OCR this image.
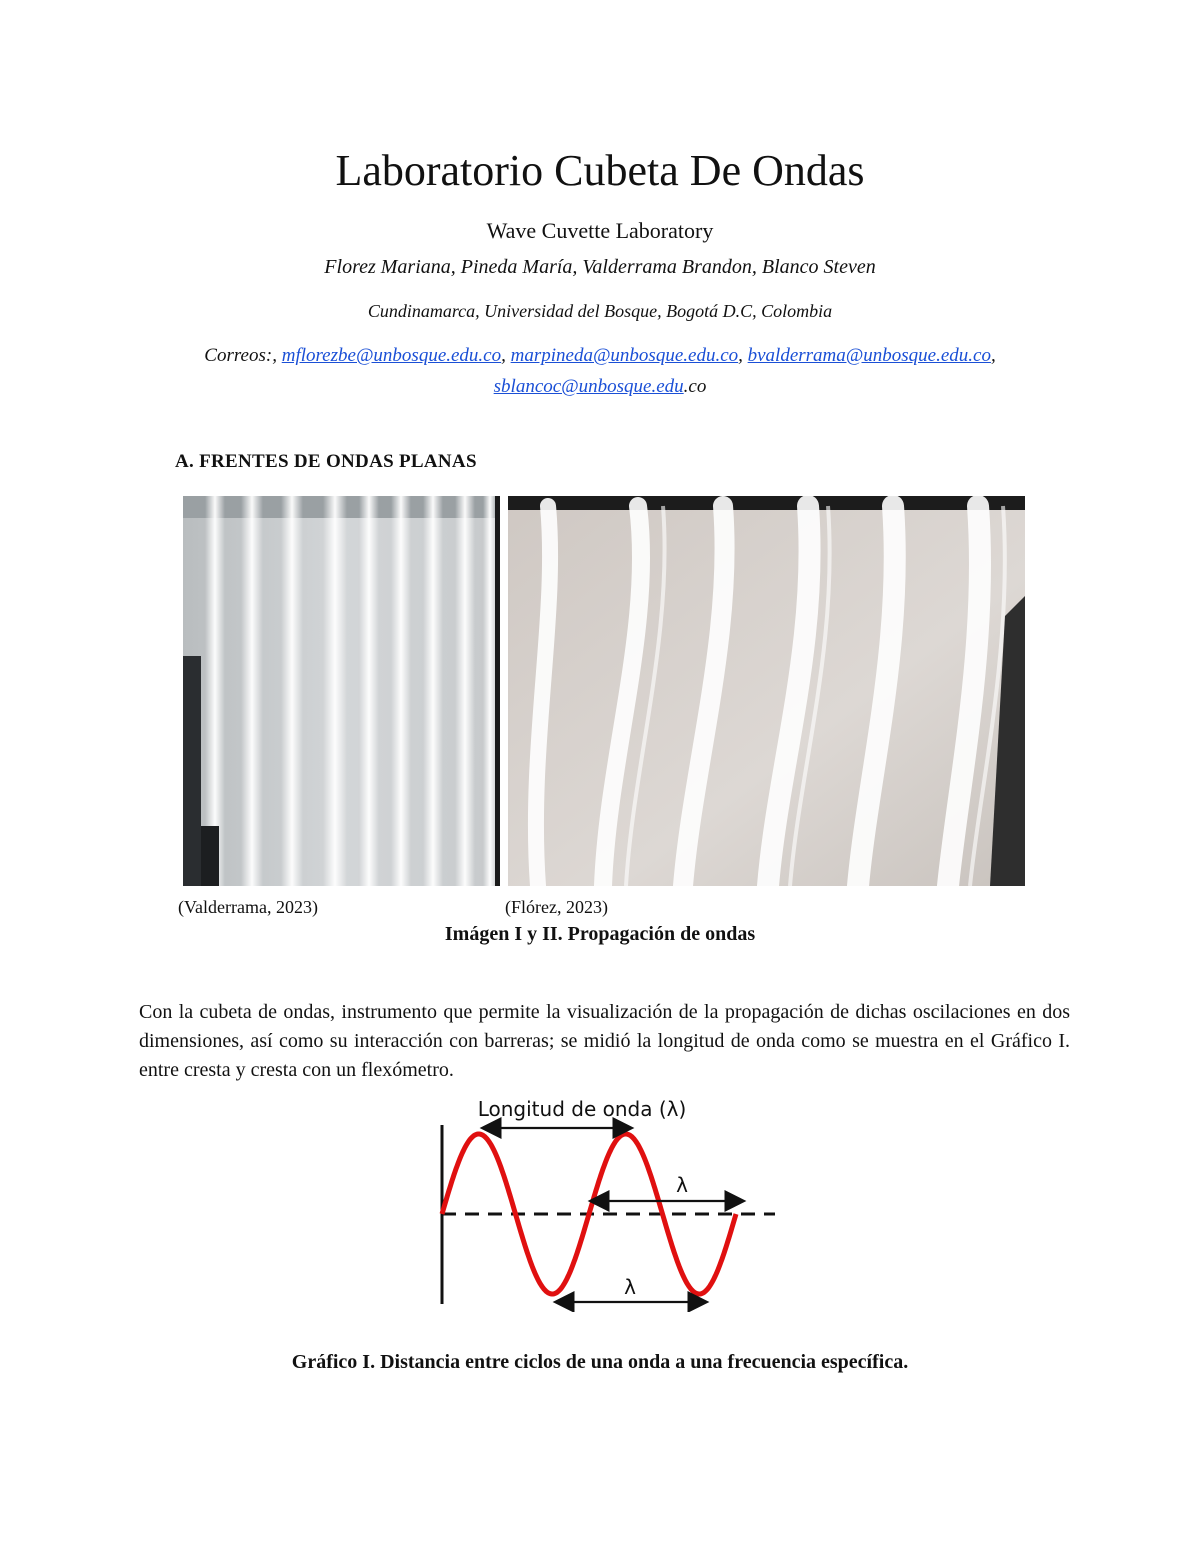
Laboratorio Cubeta De Ondas
Wave Cuvette Laboratory
Florez Mariana, Pineda María, Valderrama Brandon, Blanco Steven
Cundinamarca, Universidad del Bosque, Bogotá D.C, Colombia
Correos:, mflorezbe@unbosque.edu.co, marpineda@unbosque.edu.co, bvalderrama@unbosque.edu.co,
sblancoc@unbosque.edu.co
A. FRENTES DE ONDAS PLANAS
(Valderrama, 2023)	(Flórez, 2023)
Imágen I y II. Propagación de ondas
Con la cubeta de ondas, instrumento que permite la visualización de la propagación de dichas oscilaciones en dos dimensiones, así como su interacción con barreras; se midió la longitud de onda como se muestra en el Gráfico I. entre cresta y cresta con un flexómetro.
Longitud de onda (λ)
λ
λ
Gráfico I. Distancia entre ciclos de una onda a una frecuencia específica.
